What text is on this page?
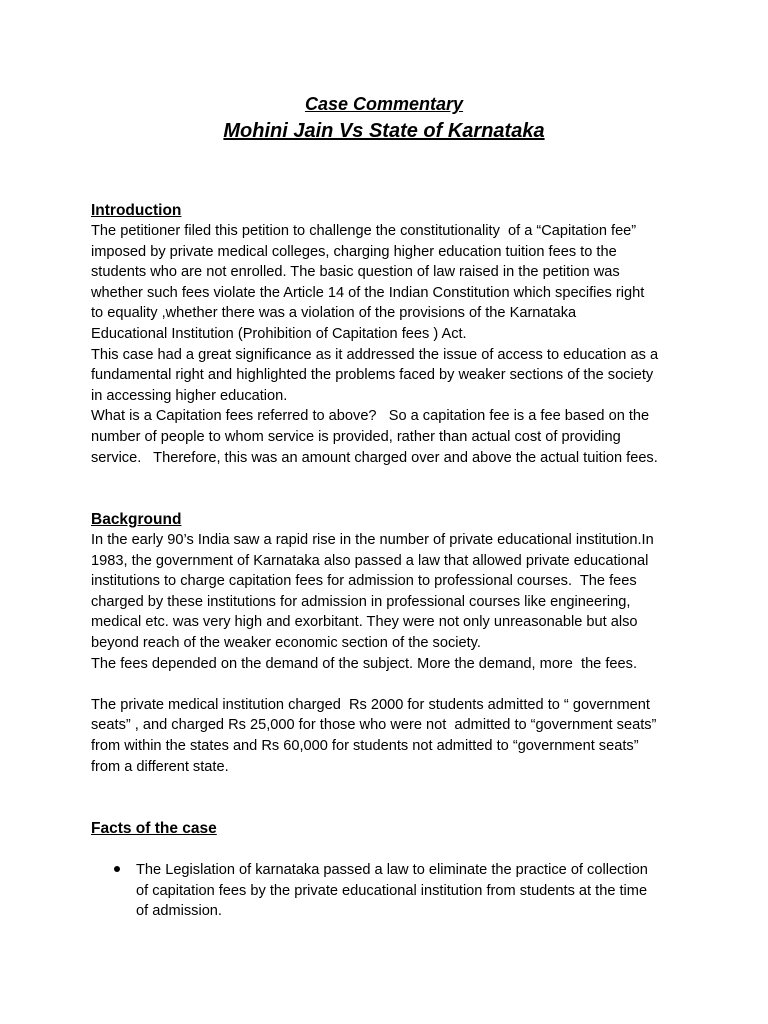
Case Commentary
Mohini Jain Vs State of Karnataka
Introduction
The petitioner filed this petition to challenge the constitutionality  of a “Capitation fee”
imposed by private medical colleges, charging higher education tuition fees to the
students who are not enrolled. The basic question of law raised in the petition was
whether such fees violate the Article 14 of the Indian Constitution which specifies right
to equality ,whether there was a violation of the provisions of the Karnataka
Educational Institution (Prohibition of Capitation fees ) Act.
This case had a great significance as it addressed the issue of access to education as a
fundamental right and highlighted the problems faced by weaker sections of the society
in accessing higher education.
What is a Capitation fees referred to above?   So a capitation fee is a fee based on the
number of people to whom service is provided, rather than actual cost of providing
service.   Therefore, this was an amount charged over and above the actual tuition fees.
Background
In the early 90’s India saw a rapid rise in the number of private educational institution.In
1983, the government of Karnataka also passed a law that allowed private educational
institutions to charge capitation fees for admission to professional courses.  The fees
charged by these institutions for admission in professional courses like engineering,
medical etc. was very high and exorbitant. They were not only unreasonable but also
beyond reach of the weaker economic section of the society.
The fees depended on the demand of the subject. More the demand, more  the fees.
The private medical institution charged  Rs 2000 for students admitted to “ government
seats” , and charged Rs 25,000 for those who were not  admitted to “government seats”
from within the states and Rs 60,000 for students not admitted to “government seats”
from a different state.
Facts of the case
The Legislation of karnataka passed a law to eliminate the practice of collection
of capitation fees by the private educational institution from students at the time
of admission.
